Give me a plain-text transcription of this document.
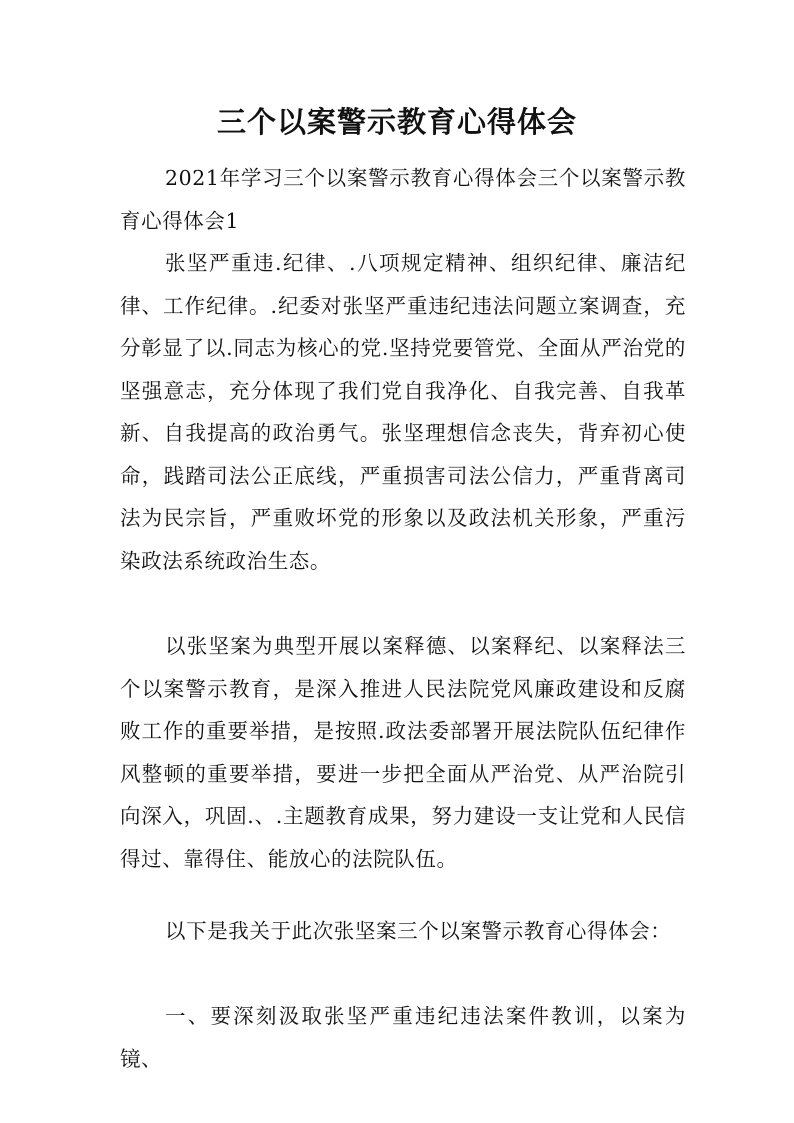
三个以案警示教育心得体会

2021年学习三个以案警示教育心得体会三个以案警示教育心得体会1

张坚严重违.纪律、.八项规定精神、组织纪律、廉洁纪律、工作纪律。.纪委对张坚严重违纪违法问题立案调查，充分彰显了以.同志为核心的党.坚持党要管党、全面从严治党的坚强意志，充分体现了我们党自我净化、自我完善、自我革新、自我提高的政治勇气。张坚理想信念丧失，背弃初心使命，践踏司法公正底线，严重损害司法公信力，严重背离司法为民宗旨，严重败坏党的形象以及政法机关形象，严重污染政法系统政治生态。

以张坚案为典型开展以案释德、以案释纪、以案释法三个以案警示教育，是深入推进人民法院党风廉政建设和反腐败工作的重要举措，是按照.政法委部署开展法院队伍纪律作风整顿的重要举措，要进一步把全面从严治党、从严治院引向深入，巩固.、.主题教育成果，努力建设一支让党和人民信得过、靠得住、能放心的法院队伍。

以下是我关于此次张坚案三个以案警示教育心得体会：

一、要深刻汲取张坚严重违纪违法案件教训，以案为镜、
